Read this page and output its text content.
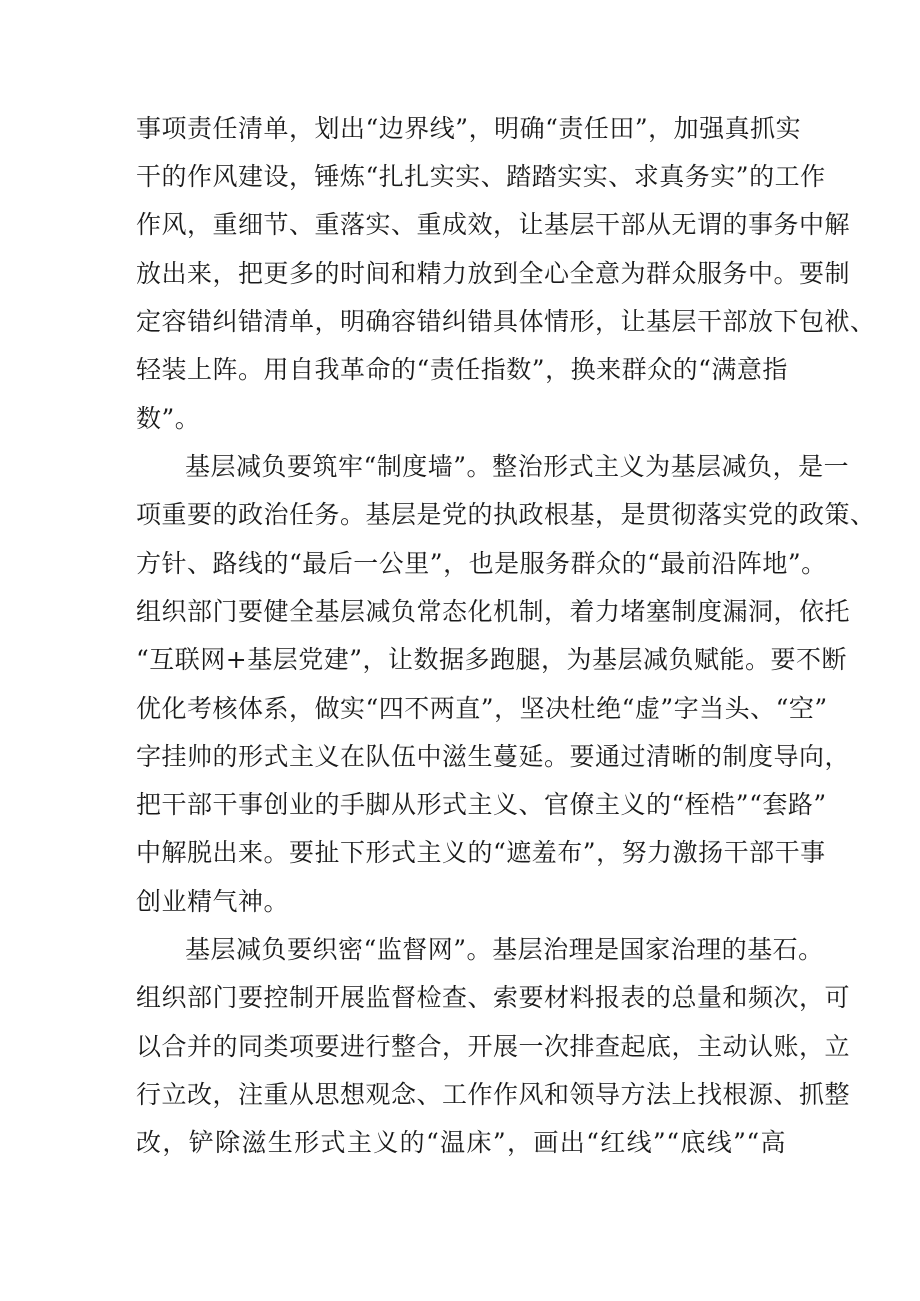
事项责任清单，划出“边界线”，明确“责任田”，加强真抓实
干的作风建设，锤炼“扎扎实实、踏踏实实、求真务实”的工作
作风，重细节、重落实、重成效，让基层干部从无谓的事务中解
放出来，把更多的时间和精力放到全心全意为群众服务中。要制
定容错纠错清单，明确容错纠错具体情形，让基层干部放下包袱、
轻装上阵。用自我革命的“责任指数”，换来群众的“满意指
数”。
基层减负要筑牢“制度墙”。整治形式主义为基层减负，是一
项重要的政治任务。基层是党的执政根基，是贯彻落实党的政策、
方针、路线的“最后一公里”，也是服务群众的“最前沿阵地”。
组织部门要健全基层减负常态化机制，着力堵塞制度漏洞，依托
“互联网+基层党建”，让数据多跑腿，为基层减负赋能。要不断
优化考核体系，做实“四不两直”，坚决杜绝“虚”字当头、“空”
字挂帅的形式主义在队伍中滋生蔓延。要通过清晰的制度导向，
把干部干事创业的手脚从形式主义、官僚主义的“桎梏”“套路”
中解脱出来。要扯下形式主义的“遮羞布”，努力激扬干部干事
创业精气神。
基层减负要织密“监督网”。基层治理是国家治理的基石。
组织部门要控制开展监督检查、索要材料报表的总量和频次，可
以合并的同类项要进行整合，开展一次排查起底，主动认账，立
行立改，注重从思想观念、工作作风和领导方法上找根源、抓整
改，铲除滋生形式主义的“温床”，画出“红线”“底线”“高
